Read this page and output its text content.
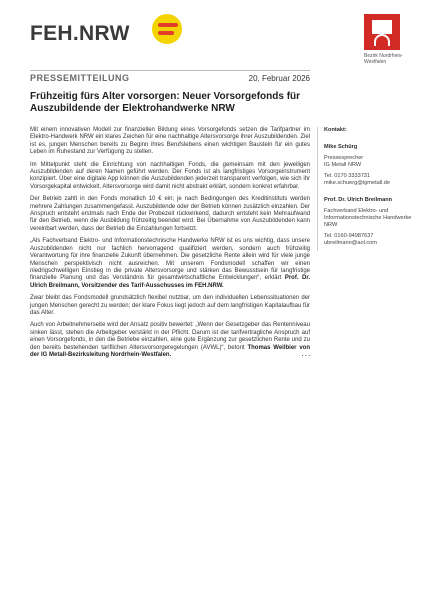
FEH.NRW
Bezirk Nordrhein-Westfalen
PRESSEMITTEILUNG	20. Februar 2026
Frühzeitig fürs Alter vorsorgen: Neuer Vorsorgefonds für Auszubildende der Elektrohandwerke NRW

Mit einem innovativen Modell zur finanziellen Bildung eines Vorsorgefonds setzen die Tarifpartner im Elektro-Handwerk NRW ein klares Zeichen für eine nachhaltige Altersvorsorge ihrer Auszubildenden. Ziel ist es, jungen Menschen bereits zu Beginn ihres Berufslebens einen wichtigen Baustein für ein gutes Leben im Ruhestand zur Verfügung zu stellen.

Im Mittelpunkt steht die Einrichtung von nachhaltigen Fonds, die gemeinsam mit den jeweiligen Auszubildenden auf deren Namen geführt werden. Der Fonds ist als langfristiges Vorsorgeinstrument konzipiert. Über eine digitale App können die Auszubildenden jederzeit transparent verfolgen, wie sich ihr Vorsorgekapital entwickelt. Altersvorsorge wird damit nicht abstrakt erklärt, sondern konkret erfahrbar.

Der Betrieb zahlt in den Fonds monatlich 10 € ein; je nach Bedingungen des Kreditinstituts werden mehrere Zahlungen zusammengefasst. Auszubildende oder der Betrieb können zusätzlich einzahlen. Der Anspruch entsteht erstmals nach Ende der Probezeit rückwirkend, dadurch entsteht kein Mehraufwand für den Betrieb, wenn die Ausbildung frühzeitig beendet wird. Bei Übernahme von Auszubildenden kann vereinbart werden, dass der Betrieb die Einzahlungen fortsetzt.

„Als Fachverband Elektro- und Informationstechnische Handwerke NRW ist es uns wichtig, dass unsere Auszubildenden nicht nur fachlich hervorragend qualifiziert werden, sondern auch frühzeitig Verantwortung für ihre finanzielle Zukunft übernehmen. Die gesetzliche Rente allein wird für viele junge Menschen perspektivisch nicht ausreichen. Mit unserem Fondsmodell schaffen wir einen niedrigschwelligen Einstieg in die private Altersvorsorge und stärken das Bewusstsein für langfristige finanzielle Planung und das Verständnis für gesamtwirtschaftliche Entwicklungen“, erklärt Prof. Dr. Ulrich Breilmann, Vorsitzender des Tarif-Ausschusses im FEH.NRW.

Zwar bleibt das Fondsmodell grundsätzlich flexibel nutzbar, um den individuellen Lebenssituationen der jungen Menschen gerecht zu werden; der klare Fokus liegt jedoch auf dem langfristigen Kapitalaufbau für das Alter.

Auch von Arbeitnehmerseite wird der Ansatz positiv bewertet: „Wenn der Gesetzgeber das Rentenniveau sinken lässt, stehen die Arbeitgeber verstärkt in der Pflicht. Darum ist der tarifvertragliche Anspruch auf einen Vorsorgefonds, in den die Betriebe einzahlen, eine gute Ergänzung zur gesetzlichen Rente und zu den bereits bestehenden tariflichen Altersvorsorgeregelungen (AVWL)“, betont Thomas Weilbier von der IG Metall-Bezirksleitung Nordrhein-Westfalen.	. . .

Kontakt:
Mike Schürg
Pressesprecher
IG Metall NRW
Tel. 0170 3333731
mike.schuerg@igmetall.de
Prof. Dr. Ulrich Breilmann
Fachverband Elektro- und Informationstechnische Handwerke NRW
Tel. 0160-94987637
ubreilmann@aol.com
